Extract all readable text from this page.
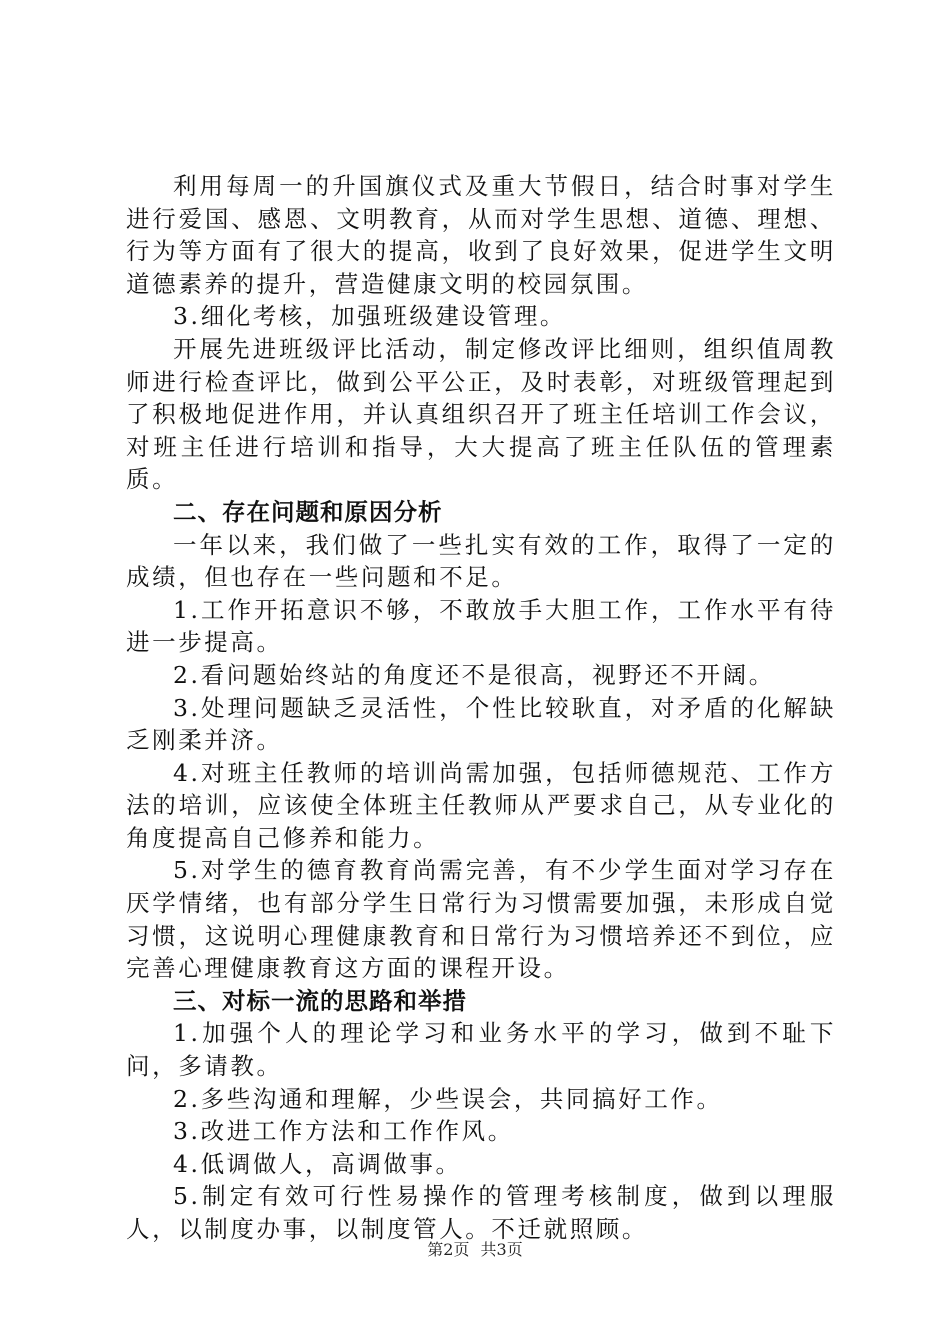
利用每周一的升国旗仪式及重大节假日，结合时事对学生进行爱国、感恩、文明教育，从而对学生思想、道德、理想、行为等方面有了很大的提高，收到了良好效果，促进学生文明道德素养的提升，营造健康文明的校园氛围。

3.细化考核，加强班级建设管理。

开展先进班级评比活动，制定修改评比细则，组织值周教师进行检查评比，做到公平公正，及时表彰，对班级管理起到了积极地促进作用，并认真组织召开了班主任培训工作会议，对班主任进行培训和指导，大大提高了班主任队伍的管理素质。

二、存在问题和原因分析

一年以来，我们做了一些扎实有效的工作，取得了一定的成绩，但也存在一些问题和不足。

1.工作开拓意识不够，不敢放手大胆工作，工作水平有待进一步提高。

2.看问题始终站的角度还不是很高，视野还不开阔。

3.处理问题缺乏灵活性，个性比较耿直，对矛盾的化解缺乏刚柔并济。

4.对班主任教师的培训尚需加强，包括师德规范、工作方法的培训，应该使全体班主任教师从严要求自己，从专业化的角度提高自己修养和能力。

5.对学生的德育教育尚需完善，有不少学生面对学习存在厌学情绪，也有部分学生日常行为习惯需要加强，未形成自觉习惯，这说明心理健康教育和日常行为习惯培养还不到位，应完善心理健康教育这方面的课程开设。

三、对标一流的思路和举措

1.加强个人的理论学习和业务水平的学习，做到不耻下问，多请教。

2.多些沟通和理解，少些误会，共同搞好工作。

3.改进工作方法和工作作风。

4.低调做人，高调做事。

5.制定有效可行性易操作的管理考核制度，做到以理服人，以制度办事，以制度管人。不迁就照顾。

第2页 共3页
